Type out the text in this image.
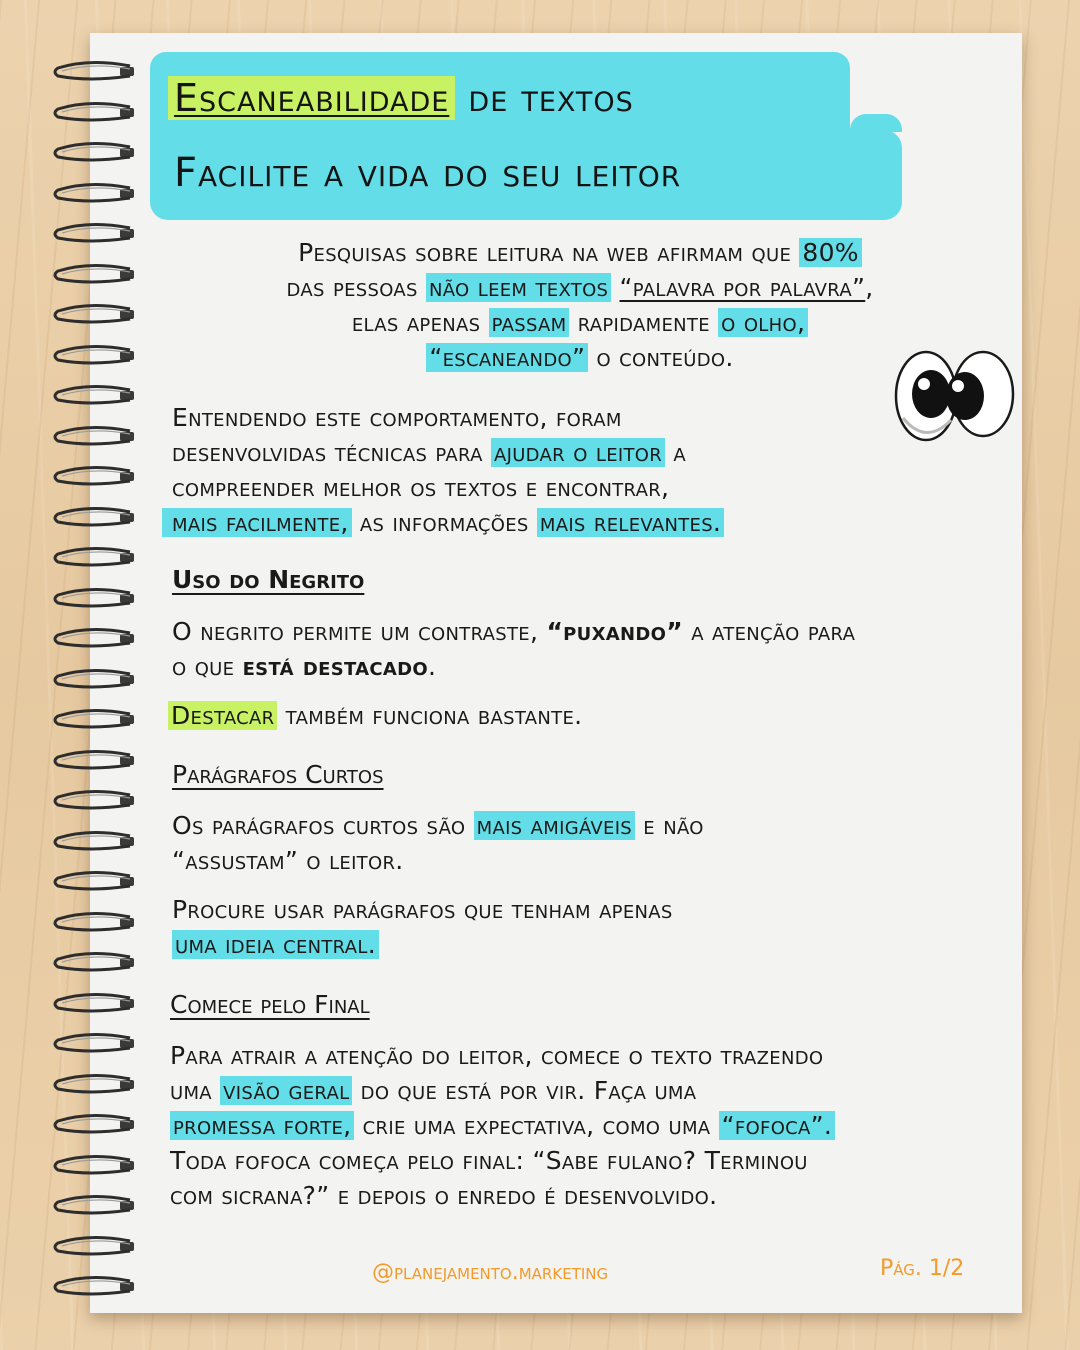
Escaneabilidade de textos
Facilite a vida do seu leitor
Pesquisas sobre leitura na web afirmam que 80%
das pessoas não leem textos “palavra por palavra”,
elas apenas passam rapidamente o olho,
“escaneando” o conteúdo.
Entendendo este comportamento, foram
desenvolvidas técnicas para ajudar o leitor a
compreender melhor os textos e encontrar,
mais facilmente, as informações mais relevantes.
Uso do Negrito
O negrito permite um contraste, “puxando” a atenção para
o que está destacado.
Destacar também funciona bastante.
Parágrafos Curtos
Os parágrafos curtos são mais amigáveis e não
“assustam” o leitor.
Procure usar parágrafos que tenham apenas
uma ideia central.
Comece pelo Final
Para atrair a atenção do leitor, comece o texto trazendo
uma visão geral do que está por vir. Faça uma
promessa forte, crie uma expectativa, como uma “fofoca”.
Toda fofoca começa pelo final: “Sabe fulano? Terminou
com sicrana?” e depois o enredo é desenvolvido.
@planejamento.marketing	Pág. 1/2
